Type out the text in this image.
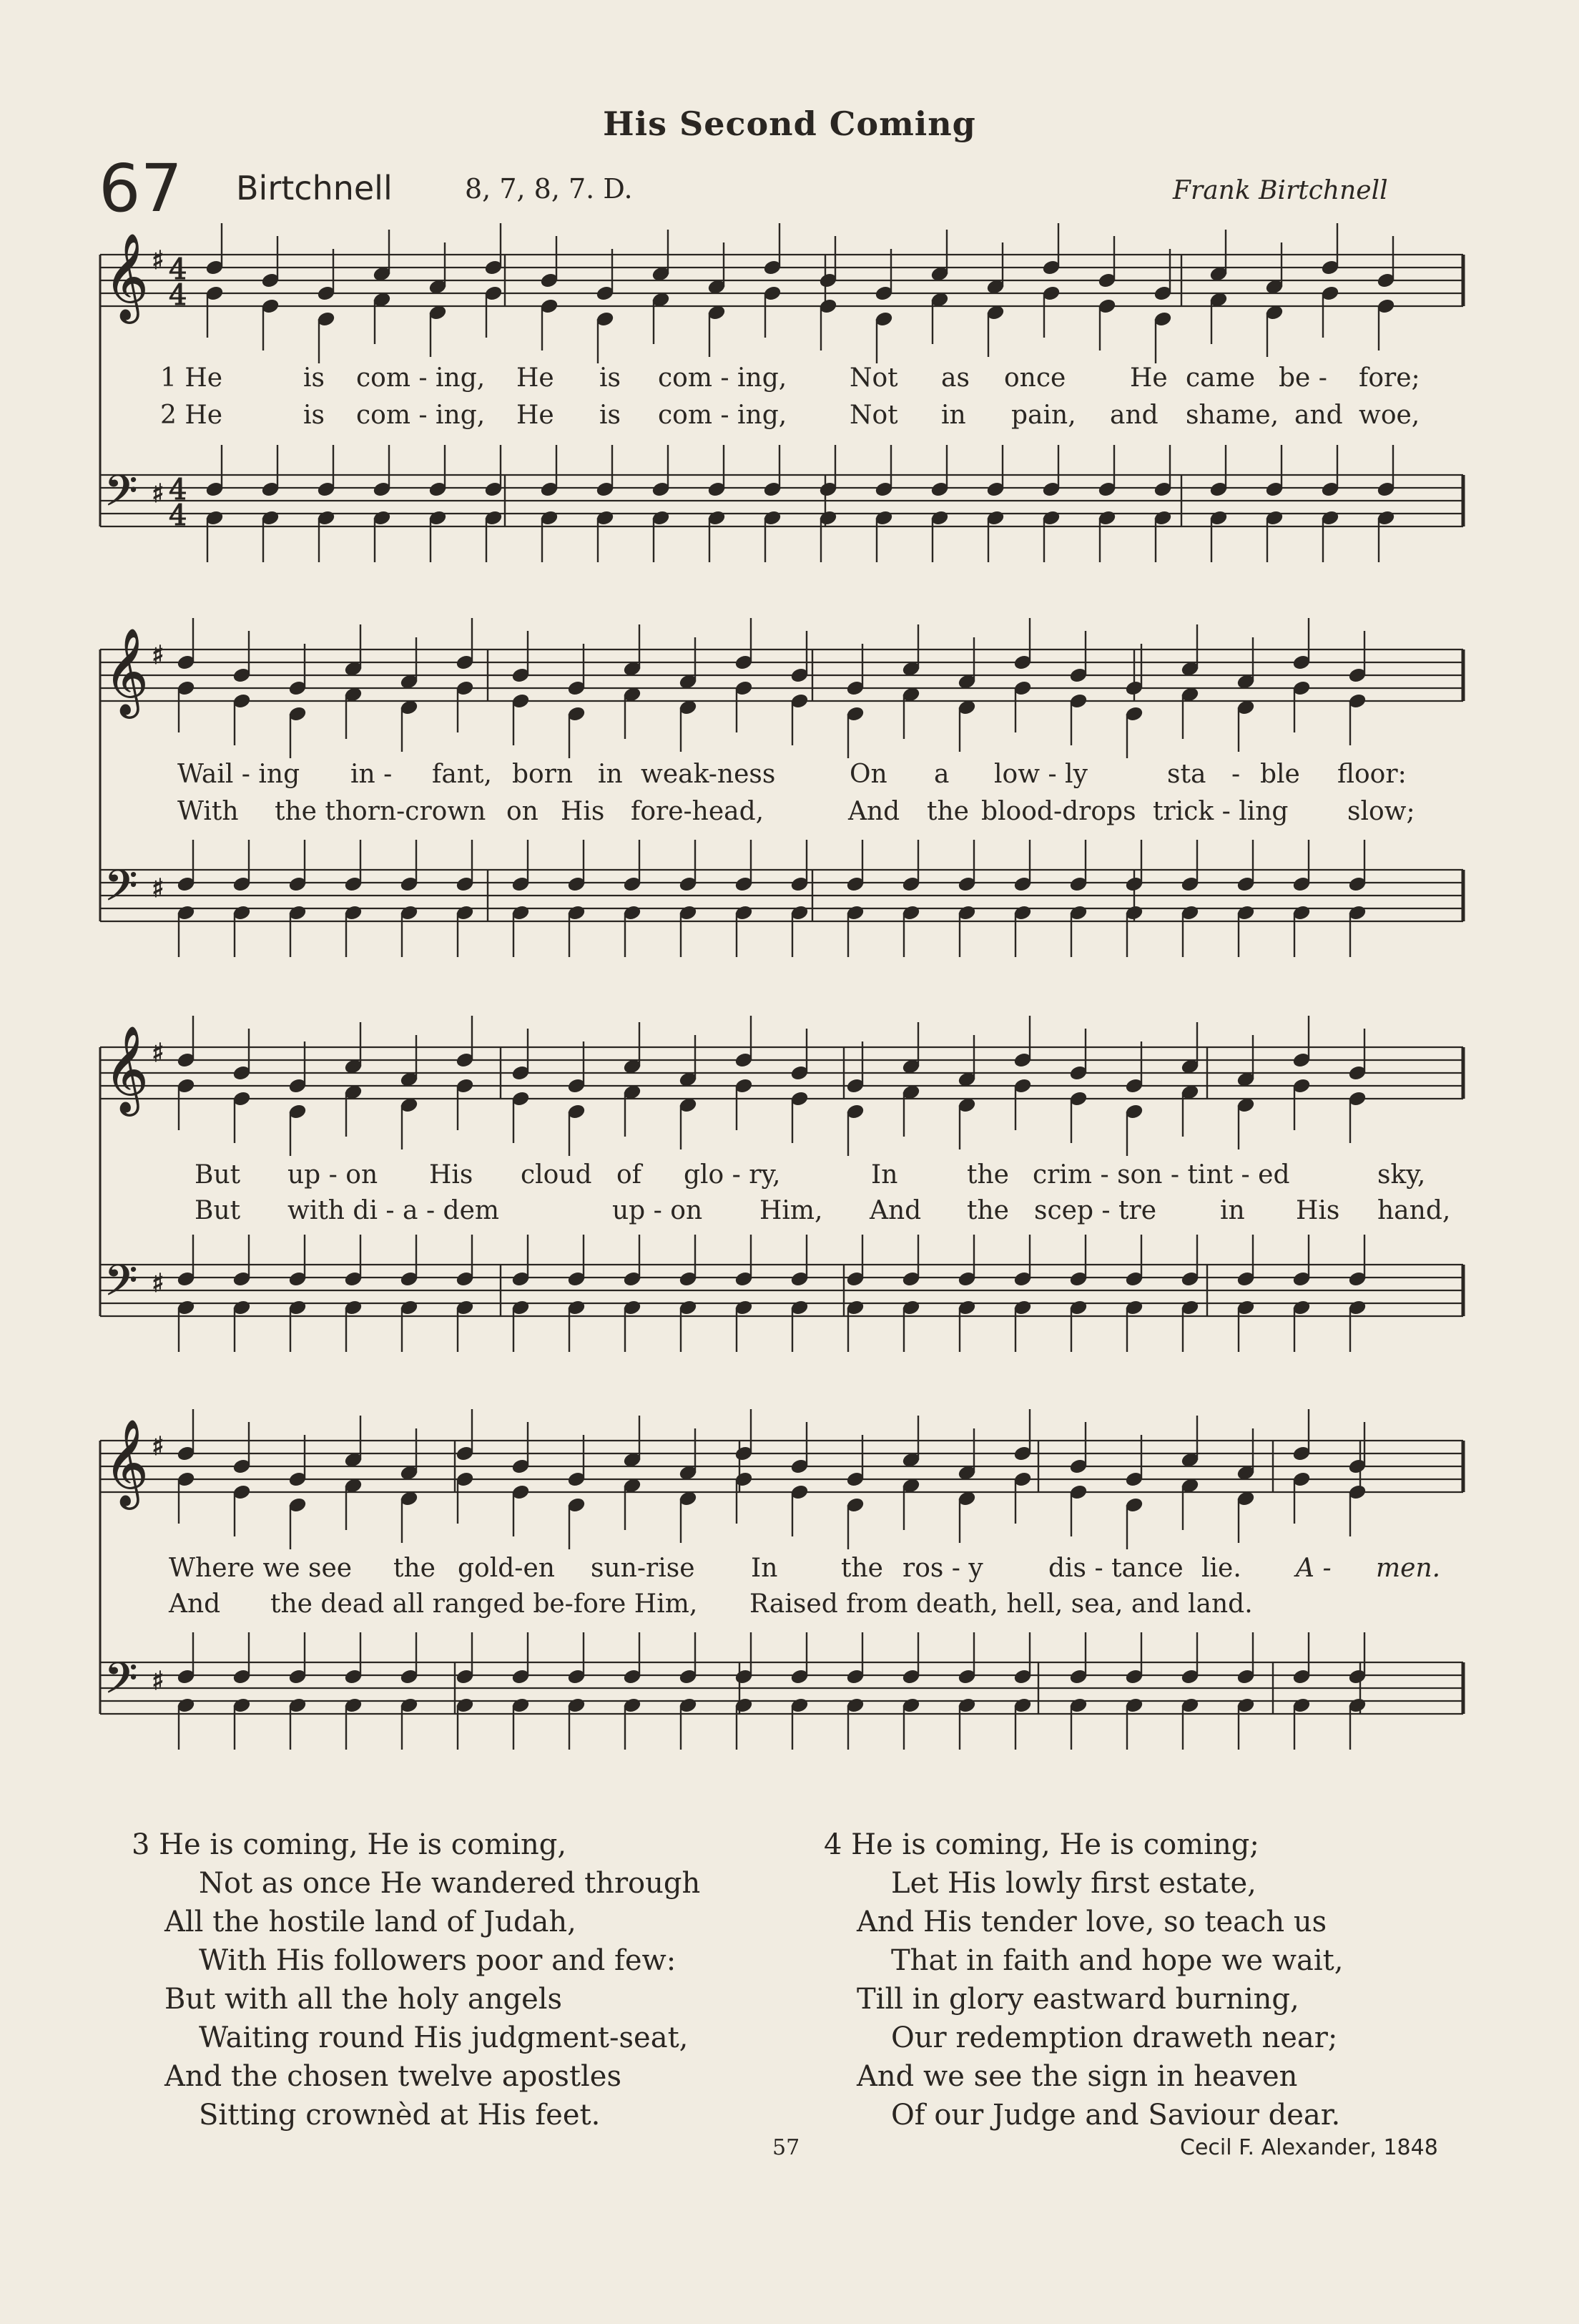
His Second Coming
67 Birtchnell	8, 7, 8, 7. D.	Frank Birtchnell
𝄞 ♯ 4
4
𝄢 ♯ 4
4
𝄞 ♯
𝄢 ♯
𝄞 ♯
𝄢 ♯
𝄞 ♯
𝄢 ♯
1 He	is com - ing, He is com - ing, Not as once He came be - fore;
2 He	is com - ing, He is com - ing, Not in pain, and shame, and woe,
Wail - ing in - fant, born in weak-ness	On a low - ly	sta - ble floor:
With the thorn-crown on His fore-head,	And the blood-drops trick - ling slow;
But up - on His cloud of glo - ry,	In	the crim - son - tint - ed	sky,
But with di - a - dem	up - on Him, And the scep - tre in His hand,
Where we see the gold-en sun-rise In the ros - y	dis - tance lie. A - men.
And the dead all ranged be-fore Him, Raised from death, hell, sea, and land.
3 He is coming, He is coming,
Not as once He wandered through
All the hostile land of Judah,
With His followers poor and few:
But with all the holy angels
Waiting round His judgment-seat,
And the chosen twelve apostles
Sitting crownèd at His feet.
4 He is coming, He is coming;
Let His lowly first estate,
And His tender love, so teach us
That in faith and hope we wait,
Till in glory eastward burning,
Our redemption draweth near;
And we see the sign in heaven
Of our Judge and Saviour dear.
57	Cecil F. Alexander, 1848
